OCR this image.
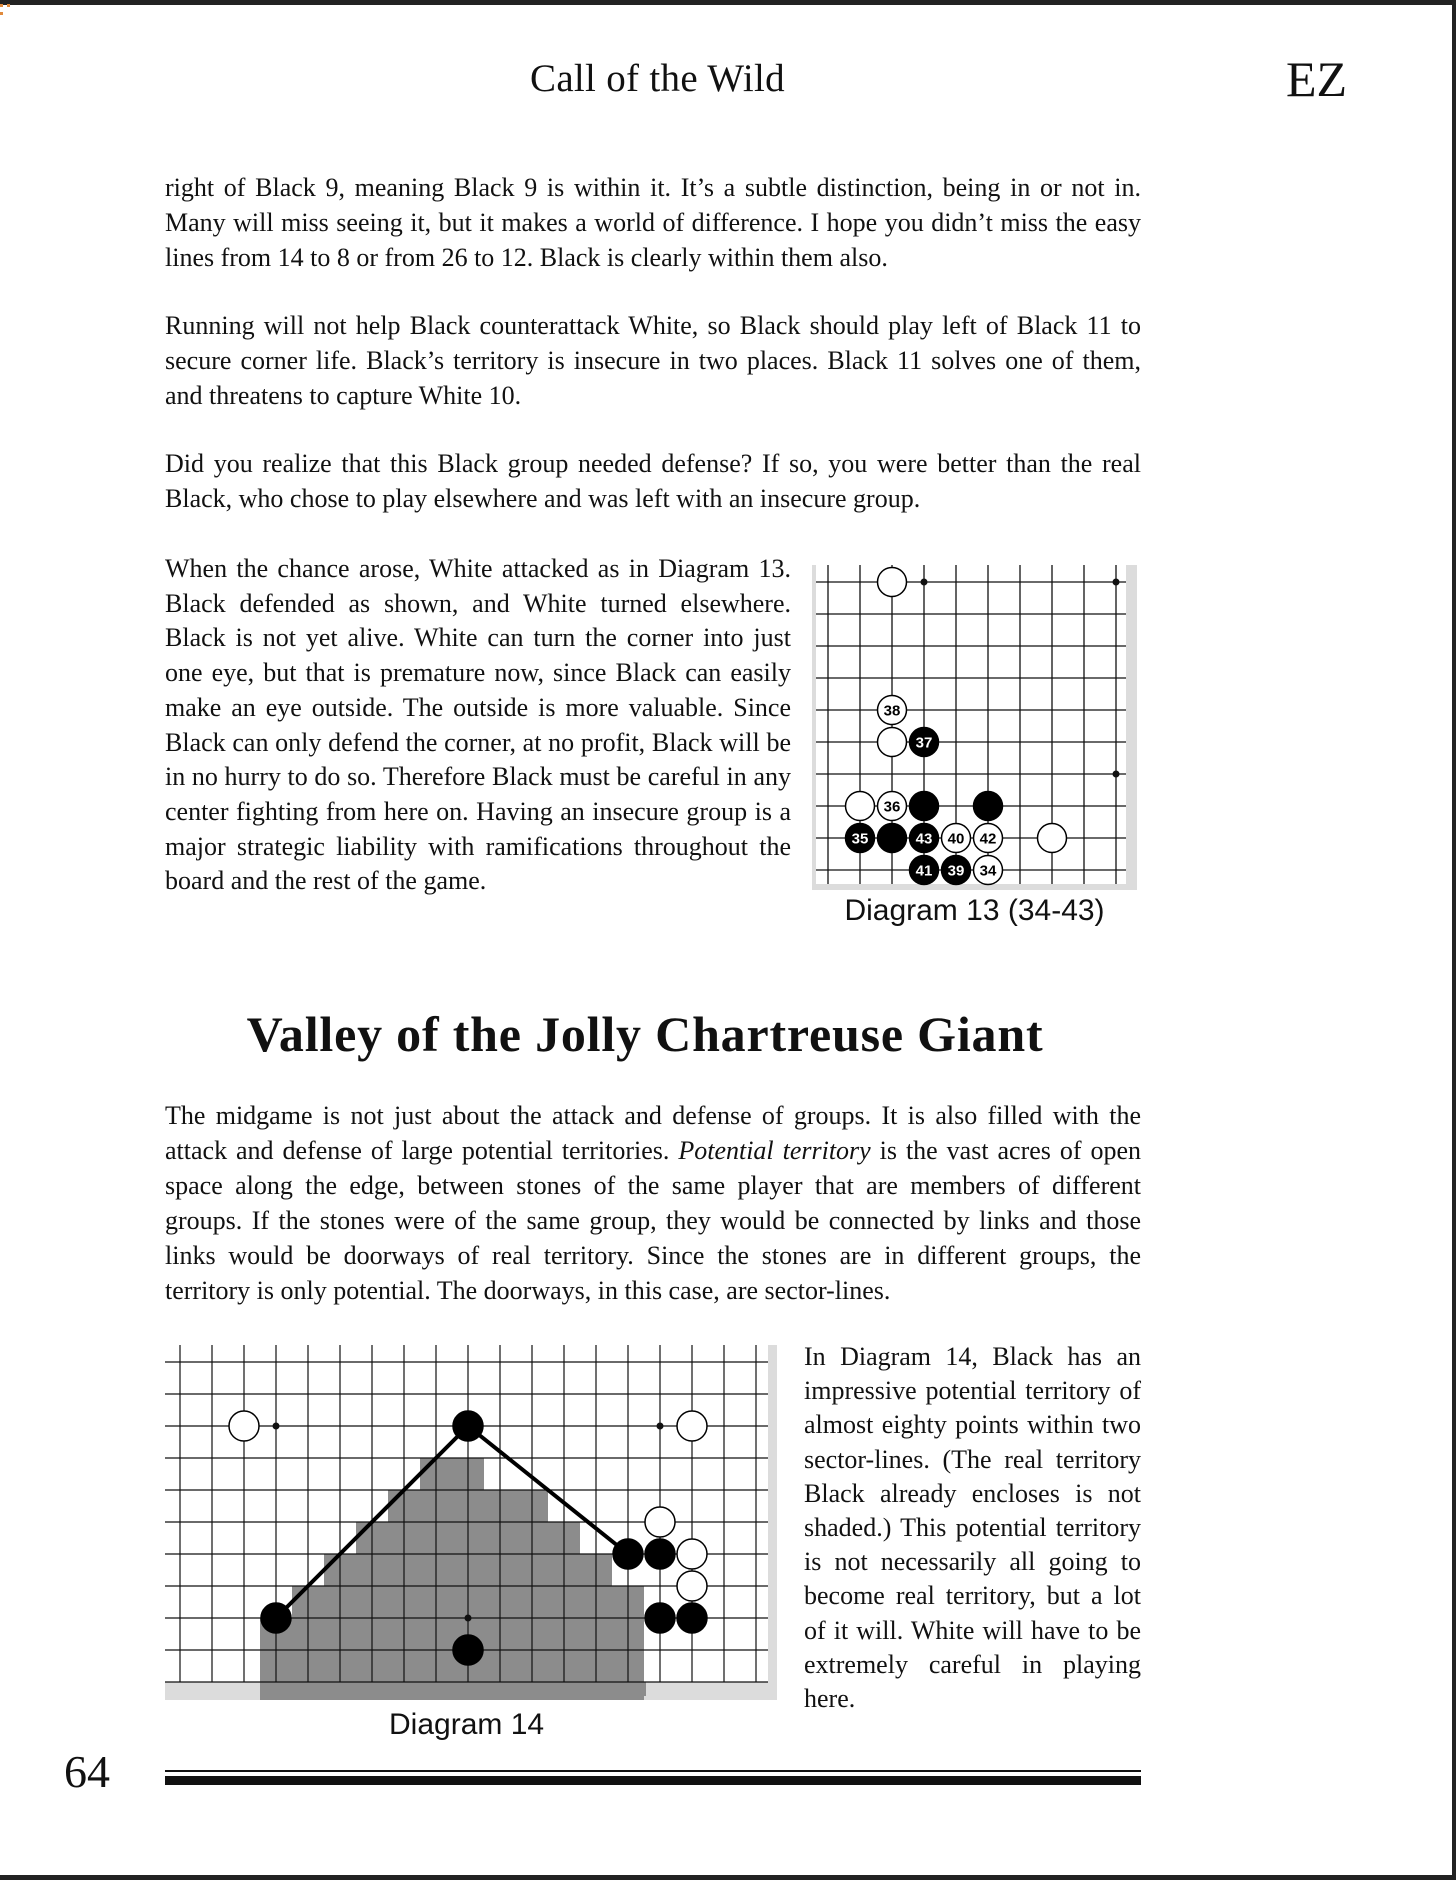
Call of the Wild	EZ

right of Black 9, meaning Black 9 is within it. It’s a subtle distinction, being in or not in. Many will miss seeing it, but it makes a world of difference. I hope you didn’t miss the easy lines from 14 to 8 or from 26 to 12. Black is clearly within them also.

Running will not help Black counterattack White, so Black should play left of Black 11 to secure corner life. Black’s territory is insecure in two places. Black 11 solves one of them, and threatens to capture White 10.

Did you realize that this Black group needed defense? If so, you were better than the real Black, who chose to play elsewhere and was left with an insecure group.

When the chance arose, White attacked as in Diagram 13. Black defended as shown, and White turned elsewhere. Black is not yet alive. White can turn the corner into just one eye, but that is premature now, since Black can easily make an eye outside. The outside is more valuable. Since Black can only defend the corner, at no profit, Black will be in no hurry to do so. Therefore Black must be careful in any center fighting from here on. Having an insecure group is a major strategic liability with ramifications throughout the board and the rest of the game.

38
37
36
35	43 40 42
41 39 34
Diagram 13 (34-43)
Valley of the Jolly Chartreuse Giant

The midgame is not just about the attack and defense of groups. It is also filled with the attack and defense of large potential territories. Potential territory is the vast acres of open space along the edge, between stones of the same player that are members of different groups. If the stones were of the same group, they would be connected by links and those links would be doorways of real territory. Since the stones are in different groups, the territory is only potential. The doorways, in this case, are sector-lines.

Diagram 14

In Diagram 14, Black has an impressive potential territory of almost eighty points within two sector-lines. (The real territory Black already encloses is not shaded.) This potential territory is not necessarily all going to become real territory, but a lot of it will. White will have to be extremely careful in playing here.

64
